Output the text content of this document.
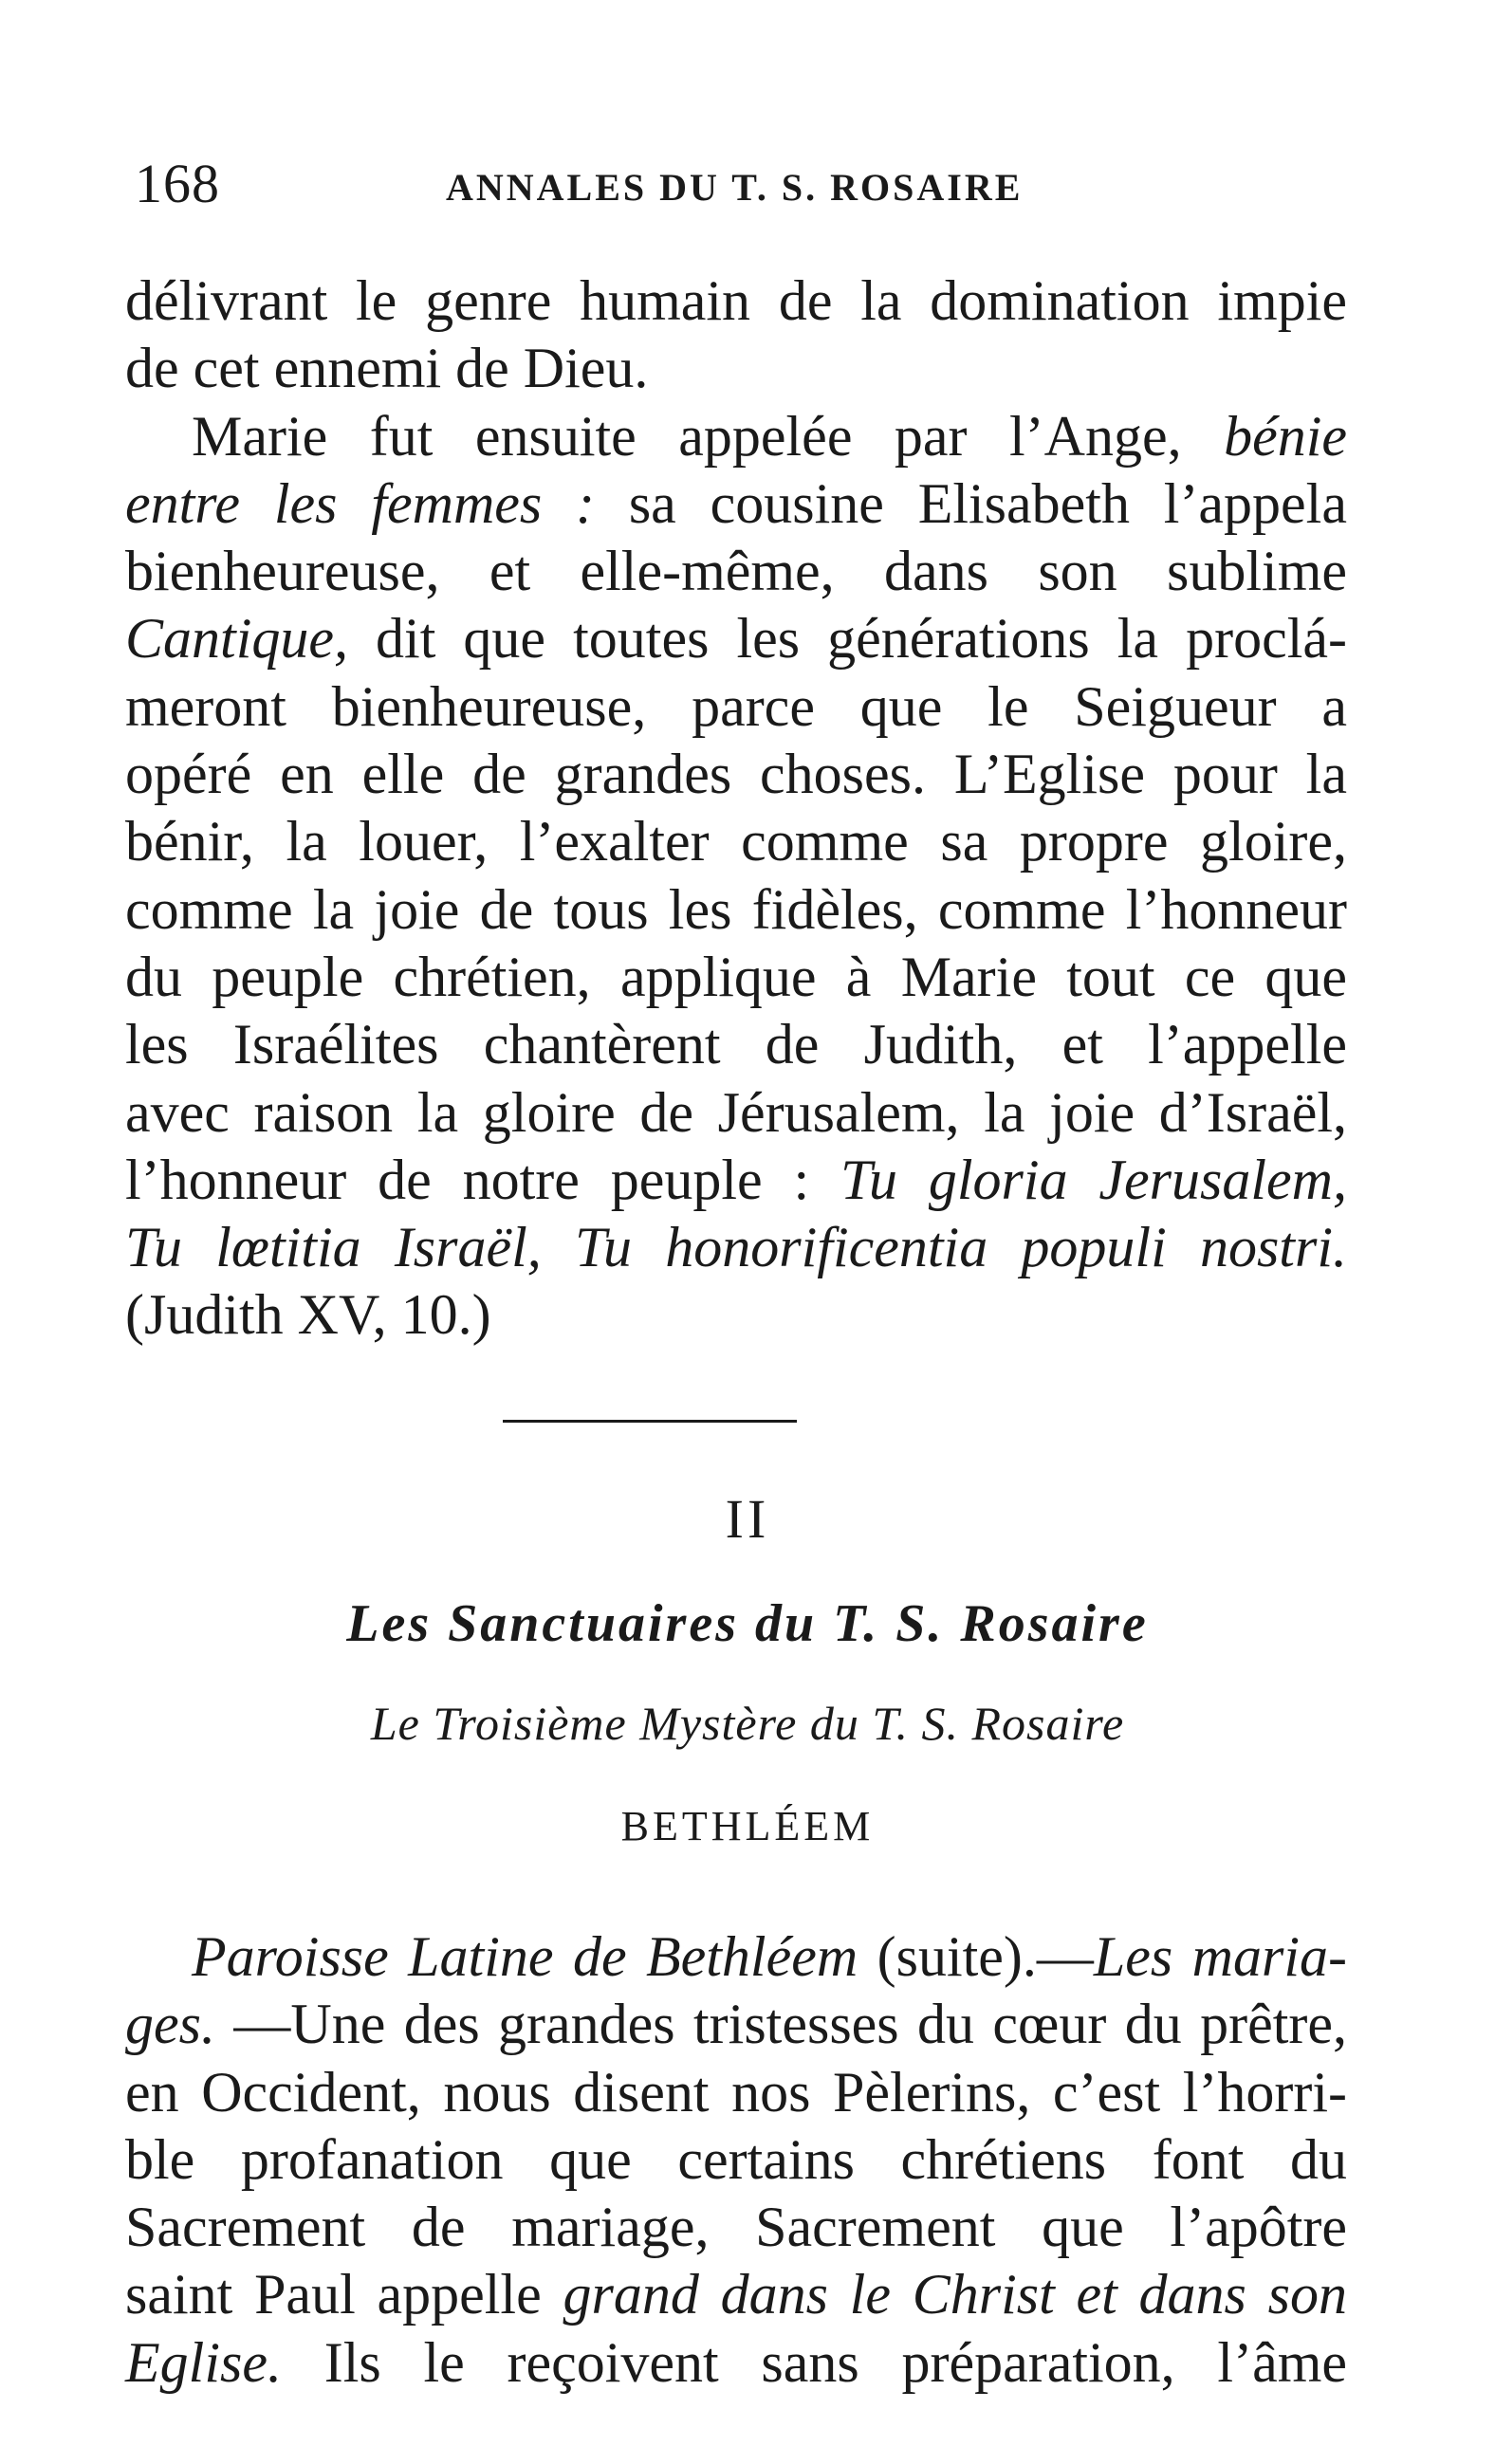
168	ANNALES DU T. S. ROSAIRE
délivrant le genre humain de la domination impie
de cet ennemi de Dieu.
Marie fut ensuite appelée par l’Ange, bénie
entre les femmes : sa cousine Elisabeth l’appela
bienheureuse, et elle-même, dans son sublime
Cantique, dit que toutes les générations la proclá-
meront bienheureuse, parce que le Seigueur a
opéré en elle de grandes choses. L’Eglise pour la
bénir, la louer, l’exalter comme sa propre gloire,
comme la joie de tous les fidèles, comme l’honneur
du peuple chrétien, applique à Marie tout ce que
les Israélites chantèrent de Judith, et l’appelle
avec raison la gloire de Jérusalem, la joie d’Israël,
l’honneur de notre peuple : Tu gloria Jerusalem,
Tu lœtitia Israël, Tu honorificentia populi nostri.
(Judith XV, 10.)
II
Les Sanctuaires du T. S. Rosaire
Le Troisième Mystère du T. S. Rosaire
BETHLÉEM
Paroisse Latine de Bethléem (suite).—Les maria-
ges. —Une des grandes tristesses du cœur du prêtre,
en Occident, nous disent nos Pèlerins, c’est l’horri-
ble profanation que certains chrétiens font du
Sacrement de mariage, Sacrement que l’apôtre
saint Paul appelle grand dans le Christ et dans son
Eglise. Ils le reçoivent sans préparation, l’âme
